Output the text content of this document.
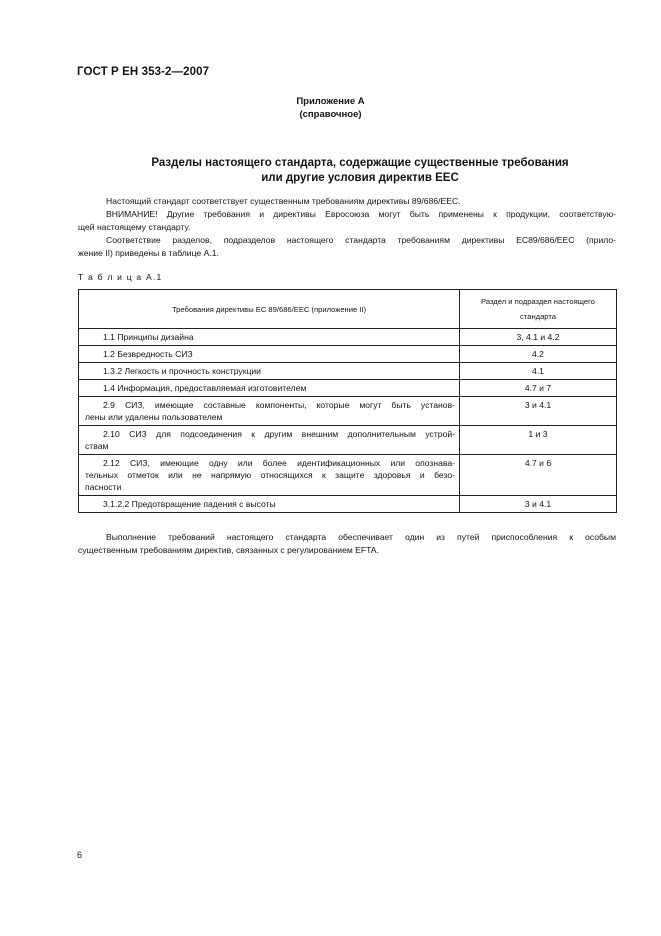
ГОСТ Р ЕН 353-2—2007
Приложение А
(справочное)
Разделы настоящего стандарта, содержащие существенные требования
или другие условия директив ЕЕС
Настоящий стандарт соответствует существенным требованиям директивы 89/686/ЕЕС.
ВНИМАНИЕ! Другие требования и директивы Евросоюза могут быть применены к продукции, соответствую-
щей настоящему стандарту.
Соответствие разделов, подразделов настоящего стандарта требованиям директивы ЕС89/686/ЕЕС (прило-
жение II) приведены в таблице А.1.
Т а б л и ц а А.1
Требования директивы ЕС 89/686/ЕЕС (приложение II)	Раздел и подраздел настоящего
стандарта

1.1 Принципы дизайна	3, 4.1 и 4.2

1.2 Безвредность СИЗ	4.2

1.3.2 Легкость и прочность конструкции	4.1

1.4 Информация, предоставляемая изготовителем	4.7 и 7

2.9 СИЗ, имеющие составные компоненты, которые могут быть установ-
лены или удалены пользователем	3 и 4.1

2.10 СИЗ для подсоединения к другим внешним дополнительным устрой-
ствам	1 и 3

2.12 СИЗ, имеющие одну или более идентификационных или опознава-
тельных отметок или не напрямую относящихся к защите здоровья и безо-
пасности	4.7 и 6

3.1.2.2 Предотвращение падения с высоты	3 и 4.1
Выполнение требований настоящего стандарта обеспечивает один из путей приспособления к особым
существенным требованиям директив, связанных с регулированием EFTA.
6
